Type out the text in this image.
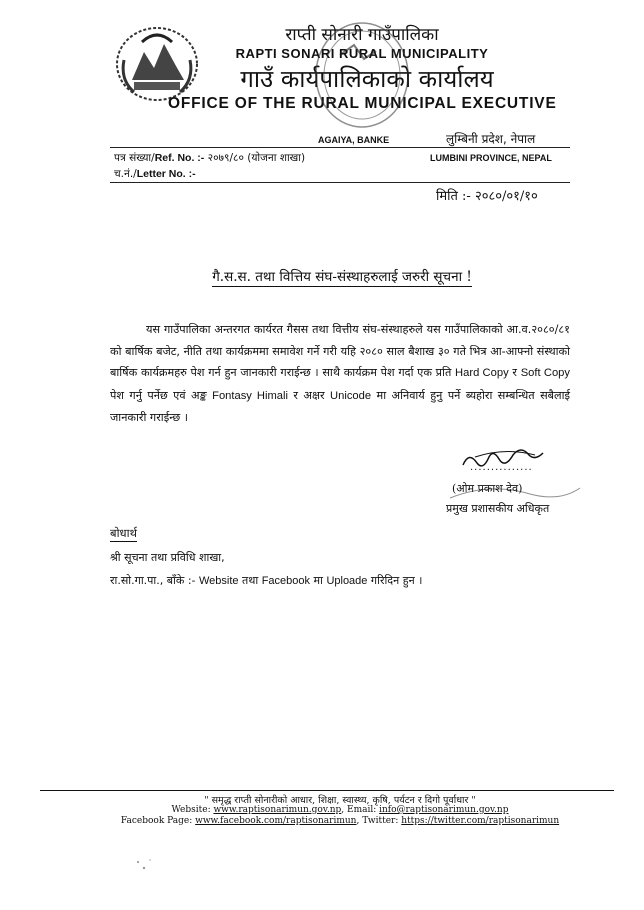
राप्ती सोनारी गाउँपालिका
RAPTI SONARI RURAL MUNICIPALITY
गाउँ कार्यपालिकाको कार्यालय
OFFICE OF THE RURAL MUNICIPAL EXECUTIVE
AGAIYA, BANKE	लुम्बिनी प्रदेश, नेपाल
पत्र संख्या/Ref. No. :- २०७९/८० (योजना शाखा)	LUMBINI PROVINCE, NEPAL
च.नं./Letter No. :-
मिति :- २०८०/०१/१०
गै.स.स. तथा वित्तिय संघ-संस्थाहरुलाई जरुरी सूचना !
यस गाउँपालिका अन्तरगत कार्यरत गैसस तथा वित्तीय संघ-संस्थाहरुले यस गाउँपालिकाको आ.व.२०८०/८१ को बार्षिक बजेट, नीति तथा कार्यक्रममा समावेश गर्ने गरी यहि २०८० साल बैशाख ३० गते भित्र आ-आफ्नो संस्थाको बार्षिक कार्यक्रमहरु पेश गर्न हुन जानकारी गराईन्छ । साथै कार्यक्रम पेश गर्दा एक प्रति Hard Copy र Soft Copy पेश गर्नु पर्नेछ एवं अङ्क Fontasy Himali र अक्षर Unicode मा अनिवार्य हुनु पर्ने ब्यहोरा सम्बन्धित सबैलाई जानकारी गराईन्छ ।
...............
(ओम प्रकाश देव)
प्रमुख प्रशासकीय अधिकृत
बोधार्थ
श्री सूचना तथा प्रविधि शाखा,
रा.सो.गा.पा., बाँके :- Website तथा Facebook मा Uploade गरिदिन हुन ।
" समृद्ध राप्ती सोनारीको आधार, शिक्षा, स्वास्थ्य, कृषि, पर्यटन र दिगो पूर्वाधार "
Website: www.raptisonarimun.gov.np, Email: info@raptisonarimun.gov.np
Facebook Page: www.facebook.com/raptisonarimun, Twitter: https://twitter.com/raptisonarimun
